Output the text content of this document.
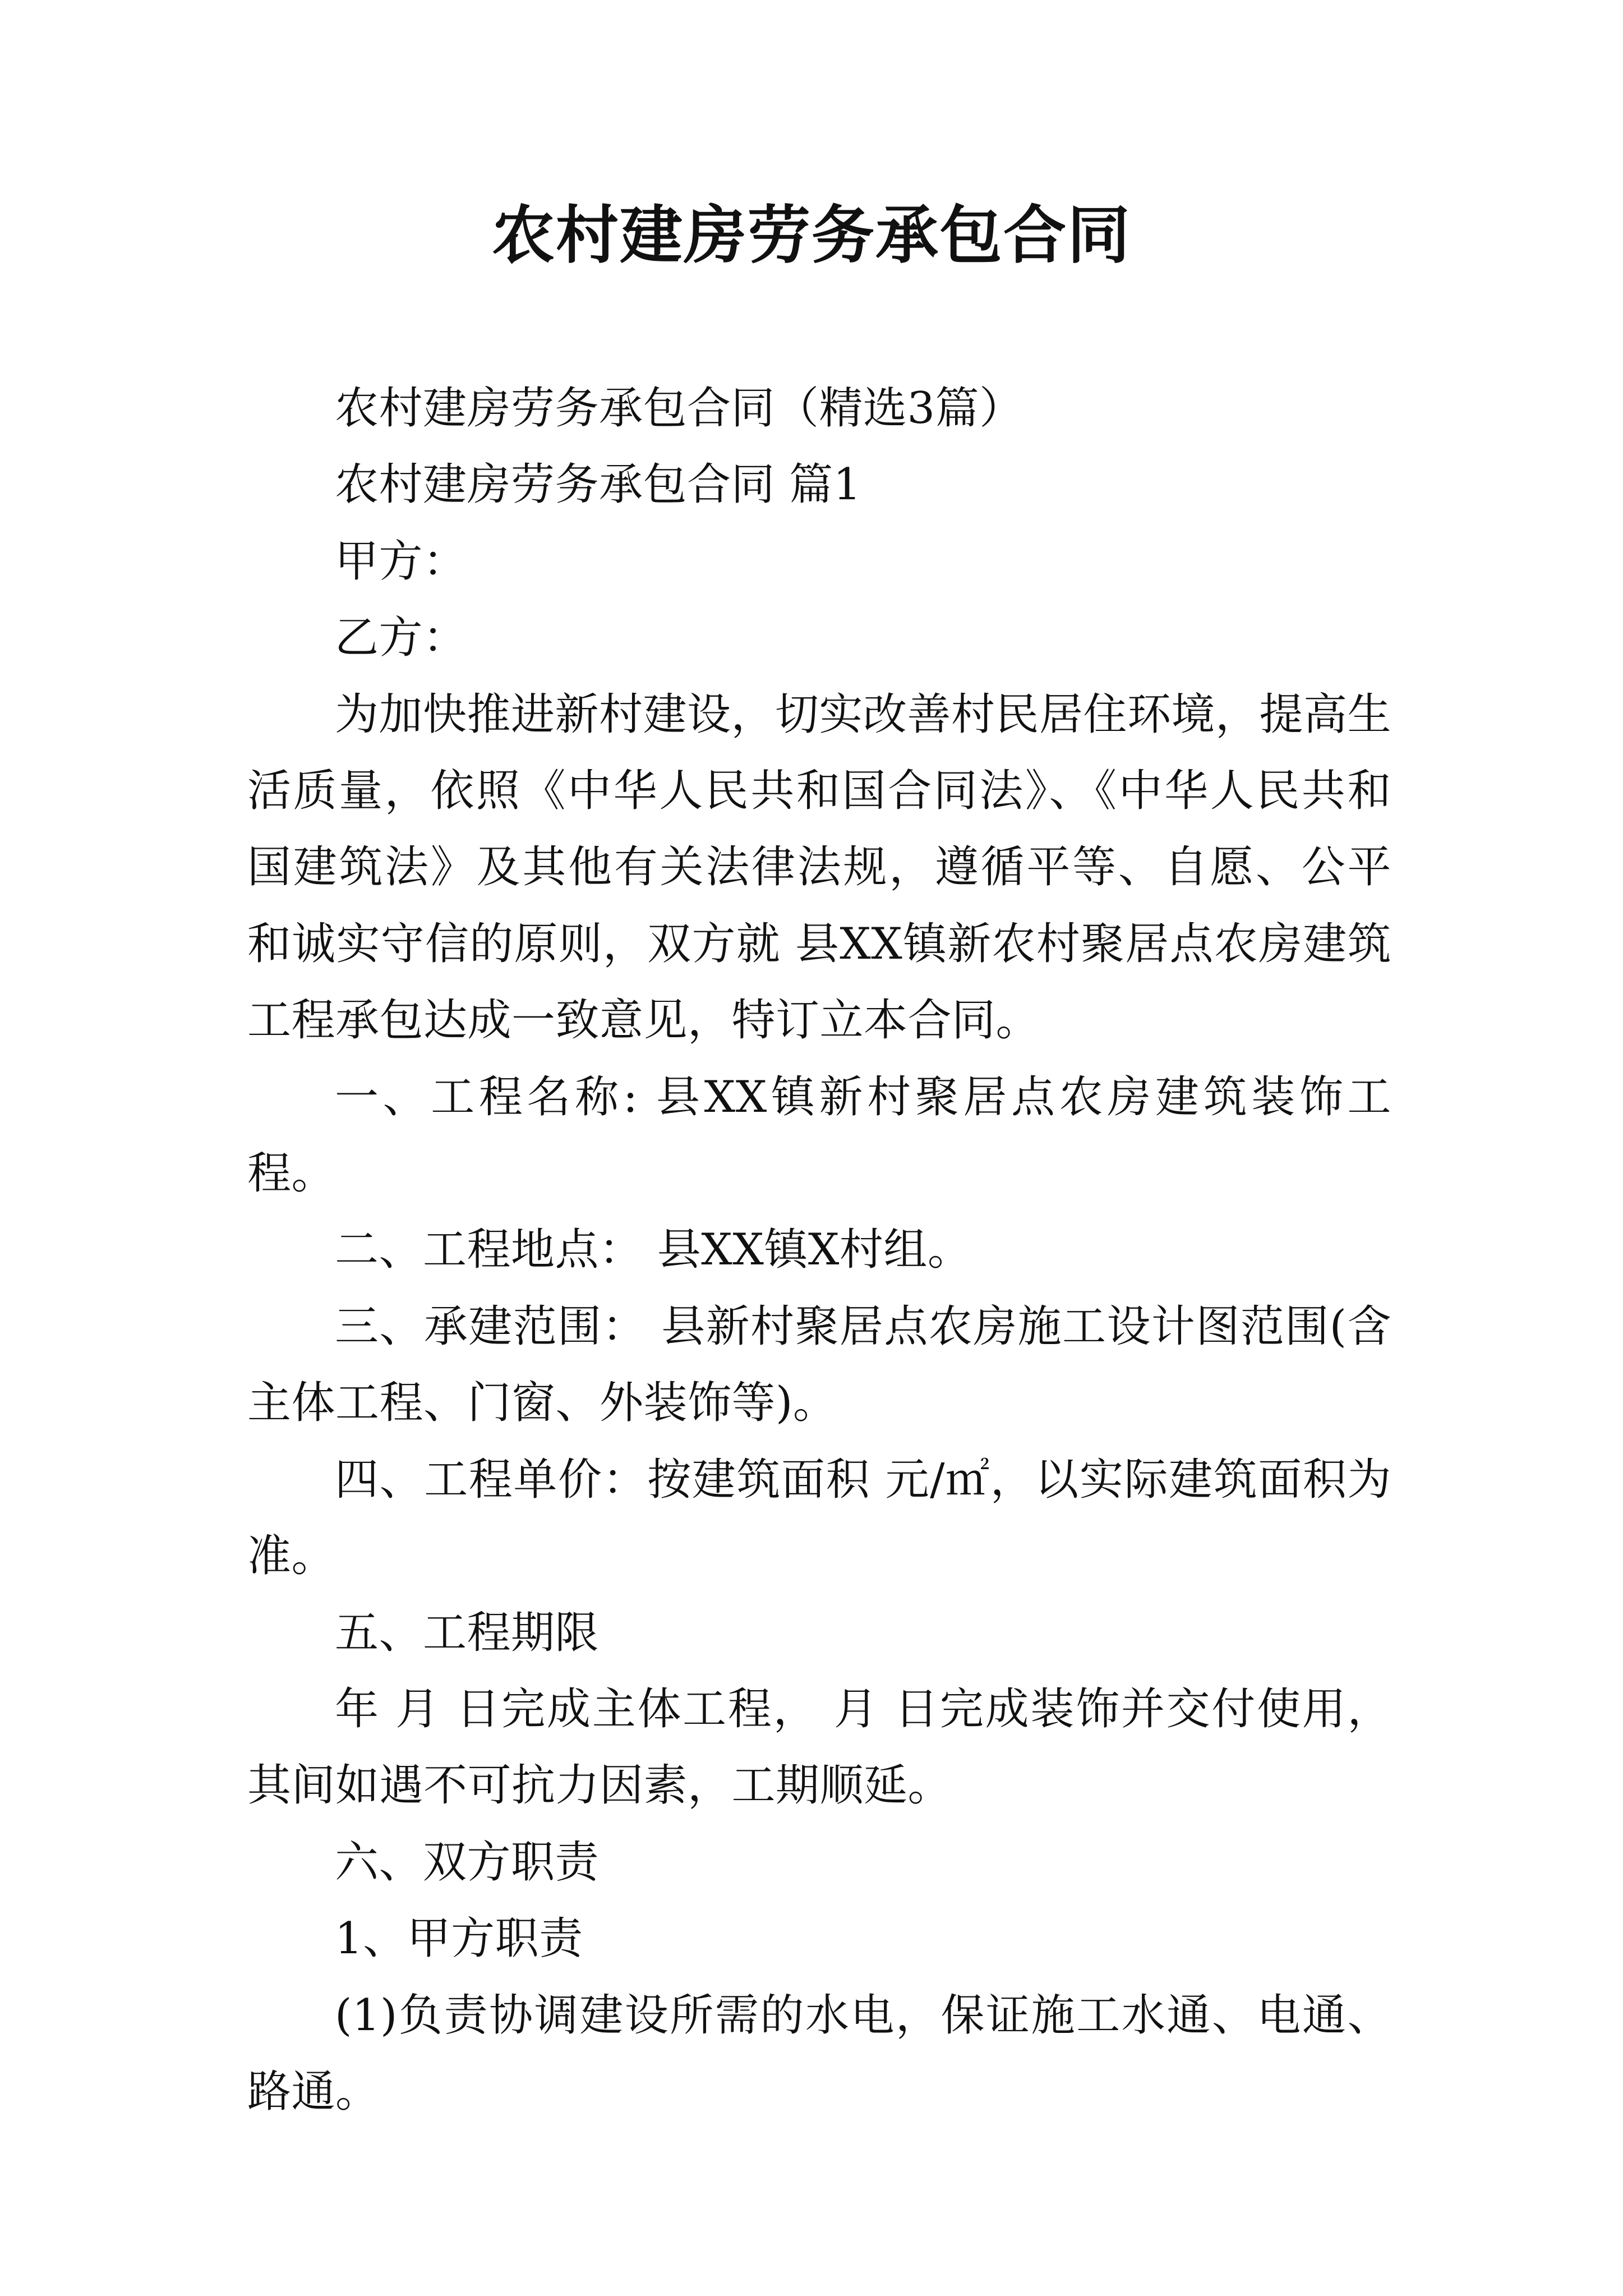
农村建房劳务承包合同

农村建房劳务承包合同（精选3篇）

农村建房劳务承包合同 篇1

甲方：

乙方：

为加快推进新村建设，切实改善村民居住环境，提高生活质量，依照《中华人民共和国合同法》、《中华人民共和国建筑法》及其他有关法律法规，遵循平等、自愿、公平和诚实守信的原则，双方就 县XX镇新农村聚居点农房建筑工程承包达成一致意见，特订立本合同。

一、工程名称: 县XX镇新村聚居点农房建筑装饰工程。

二、工程地点： 县XX镇X村组。

三、承建范围： 县新村聚居点农房施工设计图范围(含主体工程、门窗、外装饰等)。

四、工程单价：按建筑面积 元/㎡，以实际建筑面积为准。

五、工程期限

年 月 日完成主体工程， 月 日完成装饰并交付使用，其间如遇不可抗力因素，工期顺延。

六、双方职责

1、甲方职责

(1)负责协调建设所需的水电，保证施工水通、电通、路通。
